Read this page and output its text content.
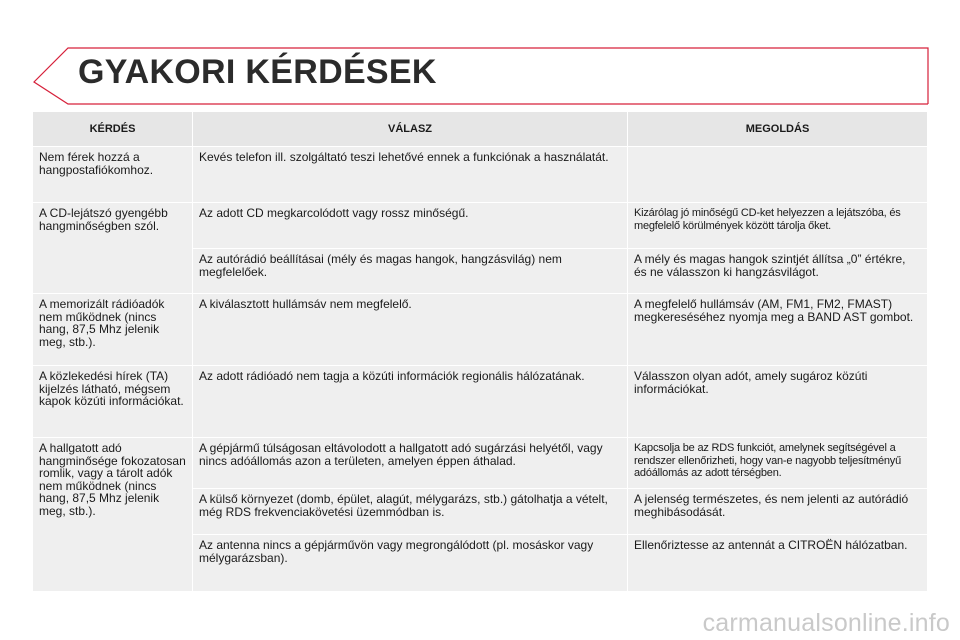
GYAKORI KÉRDÉSEK
KÉRDÉS	VÁLASZ	MEGOLDÁS
Nem férek hozzá a hangpostafiókomhoz.	Kevés telefon ill. szolgáltató teszi lehetővé ennek a funkciónak a használatát.	
A CD-lejátszó gyengébb hangminőségben szól.	Az adott CD megkarcolódott vagy rossz minőségű.	Kizárólag jó minőségű CD-ket helyezzen a lejátszóba, és megfelelő körülmények között tárolja őket.
	Az autórádió beállításai (mély és magas hangok, hangzásvilág) nem megfelelőek.	A mély és magas hangok szintjét állítsa „0” értékre, és ne válasszon ki hangzásvilágot.
A memorizált rádióadók nem működnek (nincs hang, 87,5 Mhz jelenik meg, stb.).	A kiválasztott hullámsáv nem megfelelő.	A megfelelő hullámsáv (AM, FM1, FM2, FMAST) megkereséséhez nyomja meg a BAND AST gombot.
A közlekedési hírek (TA) kijelzés látható, mégsem kapok közúti információkat.	Az adott rádióadó nem tagja a közúti információk regionális hálózatának.	Válasszon olyan adót, amely sugároz közúti információkat.
A hallgatott adó hangminősége fokozatosan romlik, vagy a tárolt adók nem működnek (nincs hang, 87,5 Mhz jelenik meg, stb.).	A gépjármű túlságosan eltávolodott a hallgatott adó sugárzási helyétől, vagy nincs adóállomás azon a területen, amelyen éppen áthalad.	Kapcsolja be az RDS funkciót, amelynek segítségével a rendszer ellenőrizheti, hogy van-e nagyobb teljesítményű adóállomás az adott térségben.
	A külső környezet (domb, épület, alagút, mélygarázs, stb.) gátolhatja a vételt, még RDS frekvenciakövetési üzemmódban is.	A jelenség természetes, és nem jelenti az autórádió meghibásodását.
	Az antenna nincs a gépjárművön vagy megrongálódott (pl. mosáskor vagy mélygarázsban).	Ellenőriztesse az antennát a CITROËN hálózatban.
carmanualsonline.info
